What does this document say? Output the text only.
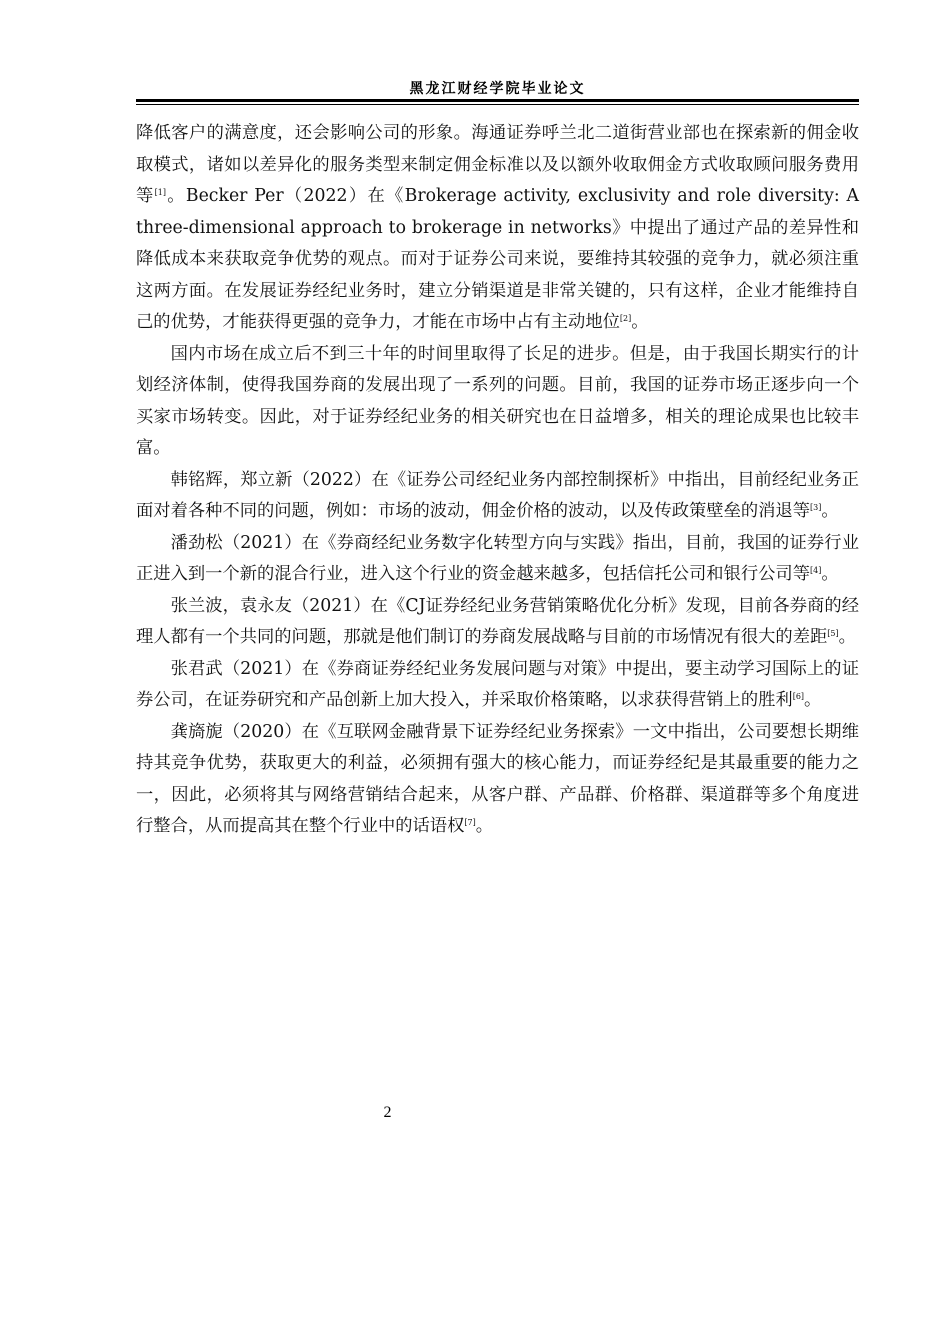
黑龙江财经学院毕业论文

降低客户的满意度，还会影响公司的形象。海通证券呼兰北二道街营业部也在探索新的佣金收取模式，诸如以差异化的服务类型来制定佣金标准以及以额外收取佣金方式收取顾问服务费用等[1]。Becker Per（2022）在《Brokerage activity, exclusivity and role diversity: A three-dimensional approach to brokerage in networks》中提出了通过产品的差异性和降低成本来获取竞争优势的观点。而对于证券公司来说，要维持其较强的竞争力，就必须注重这两方面。在发展证券经纪业务时，建立分销渠道是非常关键的，只有这样，企业才能维持自己的优势，才能获得更强的竞争力，才能在市场中占有主动地位[2]。

国内市场在成立后不到三十年的时间里取得了长足的进步。但是，由于我国长期实行的计划经济体制，使得我国券商的发展出现了一系列的问题。目前，我国的证券市场正逐步向一个买家市场转变。因此，对于证券经纪业务的相关研究也在日益增多，相关的理论成果也比较丰富。

韩铭辉，郑立新（2022）在《证券公司经纪业务内部控制探析》中指出，目前经纪业务正面对着各种不同的问题，例如：市场的波动，佣金价格的波动，以及传政策壁垒的消退等[3]。

潘劲松（2021）在《券商经纪业务数字化转型方向与实践》指出，目前，我国的证券行业正进入到一个新的混合行业，进入这个行业的资金越来越多，包括信托公司和银行公司等[4]。

张兰波，袁永友（2021）在《CJ证券经纪业务营销策略优化分析》发现，目前各券商的经理人都有一个共同的问题，那就是他们制订的券商发展战略与目前的市场情况有很大的差距[5]。

张君武（2021）在《券商证券经纪业务发展问题与对策》中提出，要主动学习国际上的证券公司，在证券研究和产品创新上加大投入，并采取价格策略，以求获得营销上的胜利[6]。

龚旖旎（2020）在《互联网金融背景下证券经纪业务探索》一文中指出，公司要想长期维持其竞争优势，获取更大的利益，必须拥有强大的核心能力，而证券经纪是其最重要的能力之一，因此，必须将其与网络营销结合起来，从客户群、产品群、价格群、渠道群等多个角度进行整合，从而提高其在整个行业中的话语权[7]。

2
